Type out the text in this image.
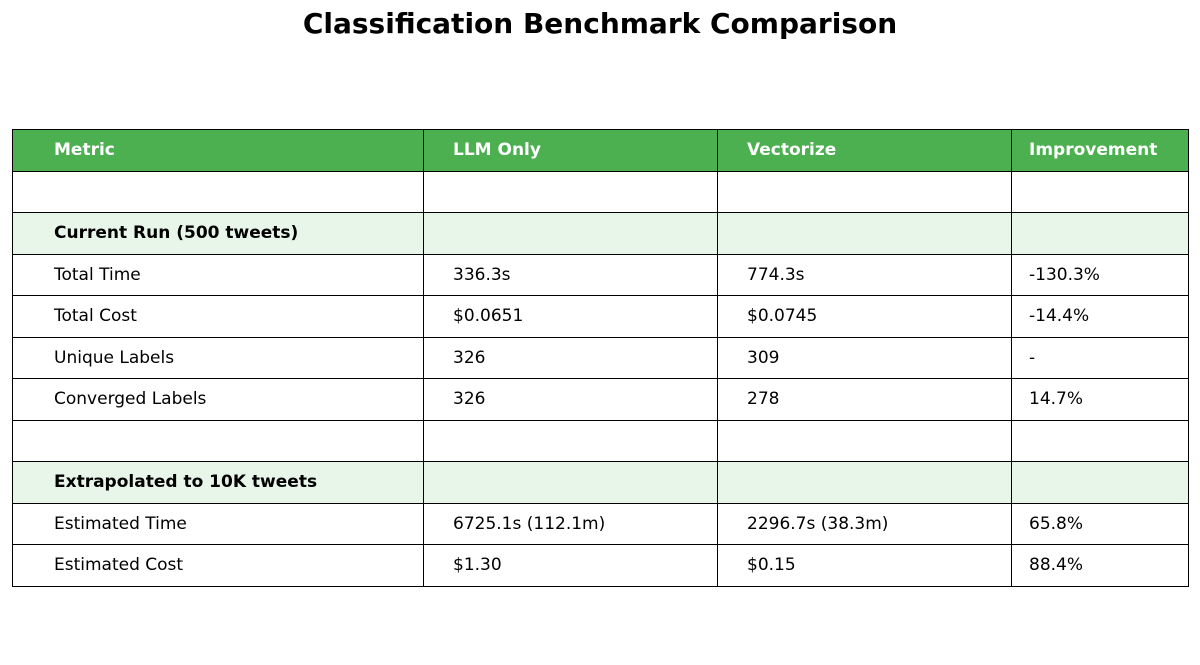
Classification Benchmark Comparison
Metric	LLM Only	Vectorize	Improvement

Current Run (500 tweets)			
Total Time	336.3s	774.3s	-130.3%
Total Cost	$0.0651	$0.0745	-14.4%
Unique Labels	326	309	-
Converged Labels	326	278	14.7%

Extrapolated to 10K tweets			
Estimated Time	6725.1s (112.1m)	2296.7s (38.3m)	65.8%
Estimated Cost	$1.30	$0.15	88.4%
